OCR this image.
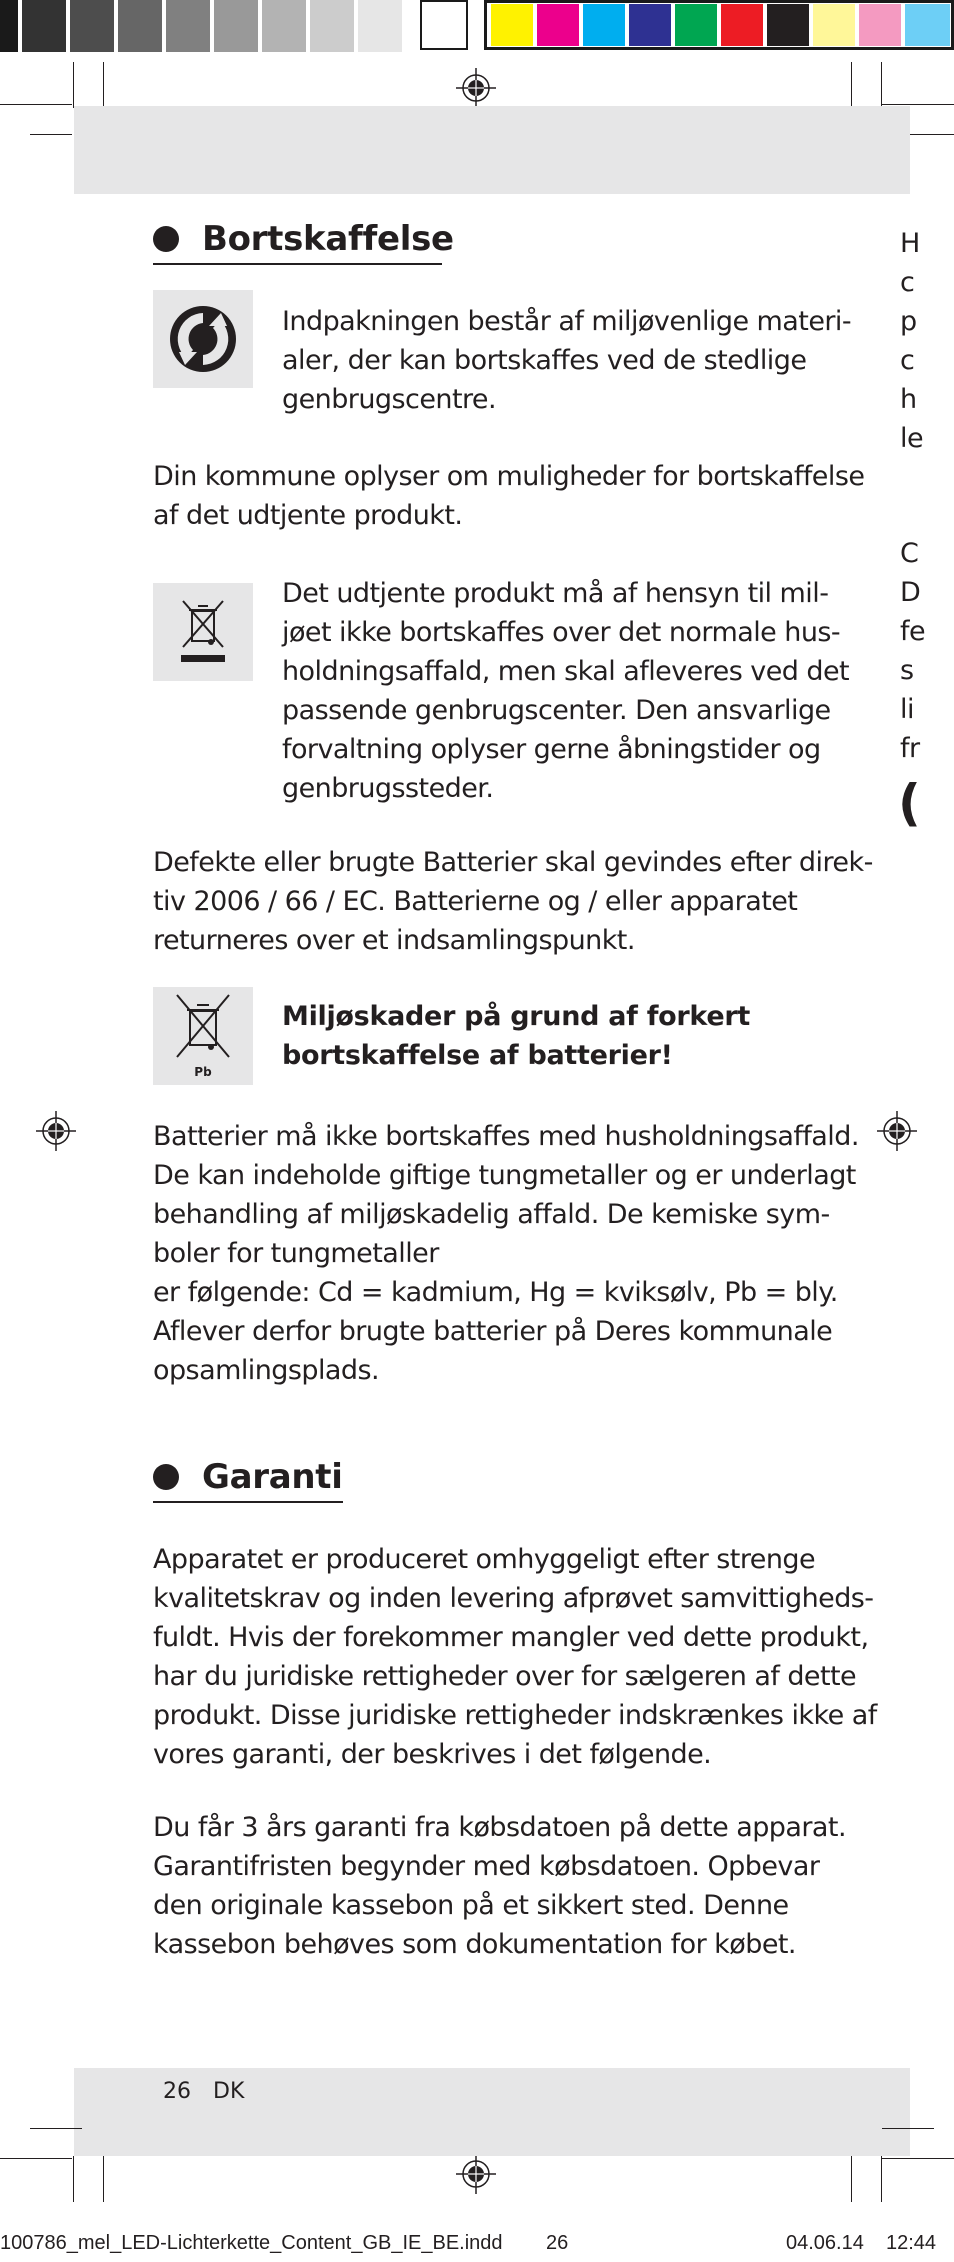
Bortskaffelse

Indpakningen består af miljøvenlige materi-
aler, der kan bortskaffes ved de stedlige
genbrugscentre.

Din kommune oplyser om muligheder for bortskaffelse
af det udtjente produkt.

Det udtjente produkt må af hensyn til mil-
jøet ikke bortskaffes over det normale hus-
holdningsaffald, men skal afleveres ved det
passende genbrugscenter. Den ansvarlige
forvaltning oplyser gerne åbningstider og
genbrugssteder.

Defekte eller brugte Batterier skal gevindes efter direk-
tiv 2006 / 66 / EC. Batterierne og / eller apparatet
returneres over et indsamlingspunkt.

Pb

Miljøskader på grund af forkert
bortskaffelse af batterier!

Batterier må ikke bortskaffes med husholdningsaffald.
De kan indeholde giftige tungmetaller og er underlagt
behandling af miljøskadelig affald. De kemiske sym-
boler for tungmetaller
er følgende: Cd = kadmium, Hg = kviksølv, Pb = bly.
Aflever derfor brugte batterier på Deres kommunale
opsamlingsplads.

Garanti

Apparatet er produceret omhyggeligt efter strenge
kvalitetskrav og inden levering afprøvet samvittigheds-
fuldt. Hvis der forekommer mangler ved dette produkt,
har du juridiske rettigheder over for sælgeren af dette
produkt. Disse juridiske rettigheder indskrænkes ikke af
vores garanti, der beskrives i det følgende.

Du får 3 års garanti fra købsdatoen på dette apparat.
Garantifristen begynder med købsdatoen. Opbevar
den originale kassebon på et sikkert sted. Denne
kassebon behøves som dokumentation for købet.

H
c
p
c
h
le

C
D
fe
s
li
fr

(
26 DK
100786_mel_LED-Lichterkette_Content_GB_IE_BE.indd 26	04.06.14 12:44
